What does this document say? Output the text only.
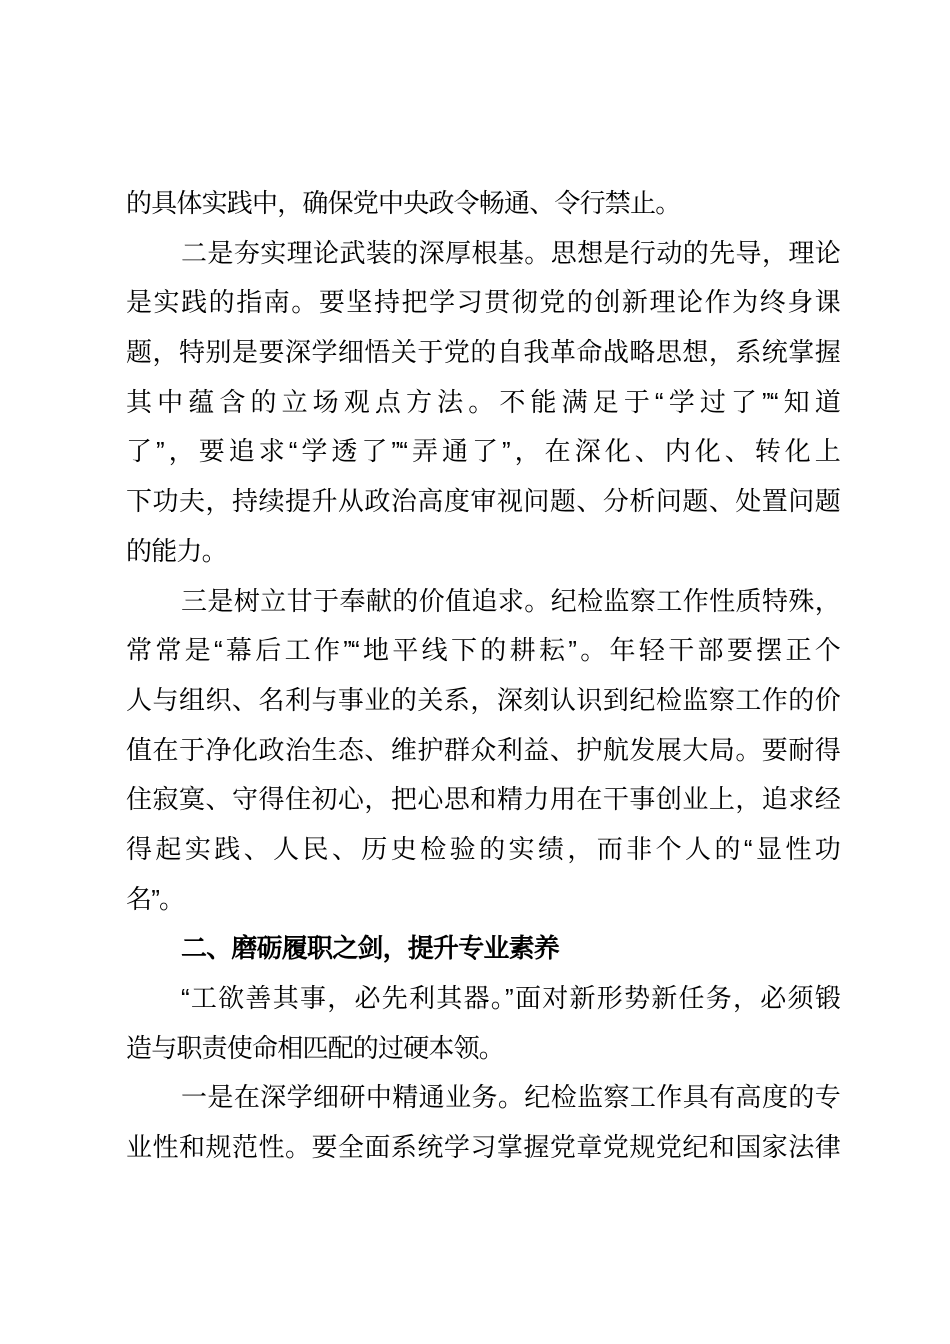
的具体实践中，确保党中央政令畅通、令行禁止。
二是夯实理论武装的深厚根基。思想是行动的先导，理论
是实践的指南。要坚持把学习贯彻党的创新理论作为终身课
题，特别是要深学细悟关于党的自我革命战略思想，系统掌握
其中蕴含的立场观点方法。不能满足于“学过了”“知道
了”，要追求“学透了”“弄通了”，在深化、内化、转化上
下功夫，持续提升从政治高度审视问题、分析问题、处置问题
的能力。
三是树立甘于奉献的价值追求。纪检监察工作性质特殊，
常常是“幕后工作”“地平线下的耕耘”。年轻干部要摆正个
人与组织、名利与事业的关系，深刻认识到纪检监察工作的价
值在于净化政治生态、维护群众利益、护航发展大局。要耐得
住寂寞、守得住初心，把心思和精力用在干事创业上，追求经
得起实践、人民、历史检验的实绩，而非个人的“显性功
名”。
二、磨砺履职之剑，提升专业素养
“工欲善其事，必先利其器。”面对新形势新任务，必须锻
造与职责使命相匹配的过硬本领。
一是在深学细研中精通业务。纪检监察工作具有高度的专
业性和规范性。要全面系统学习掌握党章党规党纪和国家法律
